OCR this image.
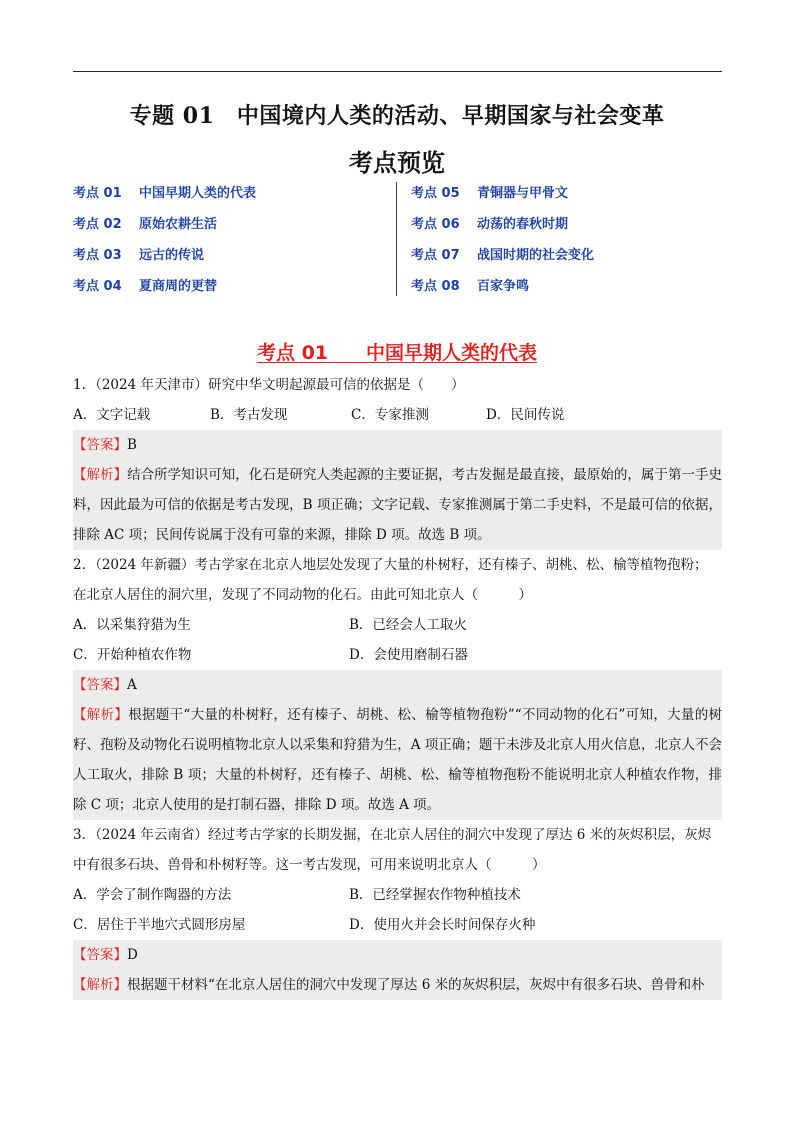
专题 01　中国境内人类的活动、早期国家与社会变革
考点预览
考点 01 中国早期人类的代表
考点 02 原始农耕生活
考点 03 远古的传说
考点 04 夏商周的更替
考点 05 青铜器与甲骨文
考点 06 动荡的春秋时期
考点 07 战国时期的社会变化
考点 08 百家争鸣
考点 01　　中国早期人类的代表

1．（2024 年天津市）研究中华文明起源最可信的依据是（　　）

A．文字记载	B．考古发现	C．专家推测	D．民间传说

【答案】B

【解析】结合所学知识可知，化石是研究人类起源的主要证据，考古发掘是最直接，最原始的，属于第一手史料，因此最为可信的依据是考古发现，B 项正确；文字记载、专家推测属于第二手史料，不是最可信的依据，排除 AC 项；民间传说属于没有可靠的来源，排除 D 项。故选 B 项。

2．（2024 年新疆）考古学家在北京人地层处发现了大量的朴树籽，还有榛子、胡桃、松、榆等植物孢粉；

在北京人居住的洞穴里，发现了不同动物的化石。由此可知北京人（　　　）

A．以采集狩猎为生	B．已经会人工取火
C．开始种植农作物	D．会使用磨制石器

【答案】A

【解析】根据题干“大量的朴树籽，还有榛子、胡桃、松、榆等植物孢粉”“不同动物的化石”可知，大量的树籽、孢粉及动物化石说明植物北京人以采集和狩猎为生，A 项正确；题干未涉及北京人用火信息，北京人不会人工取火，排除 B 项；大量的朴树籽，还有榛子、胡桃、松、榆等植物孢粉不能说明北京人种植农作物，排除 C 项；北京人使用的是打制石器，排除 D 项。故选 A 项。

3．（2024 年云南省）经过考古学家的长期发掘，在北京人居住的洞穴中发现了厚达 6 米的灰烬积层，灰烬

中有很多石块、兽骨和朴树籽等。这一考古发现，可用来说明北京人（　　　）

A．学会了制作陶器的方法	B．已经掌握农作物种植技术
C．居住于半地穴式圆形房屋	D．使用火并会长时间保存火种

【答案】D

【解析】根据题干材料“在北京人居住的洞穴中发现了厚达 6 米的灰烬积层，灰烬中有很多石块、兽骨和朴
